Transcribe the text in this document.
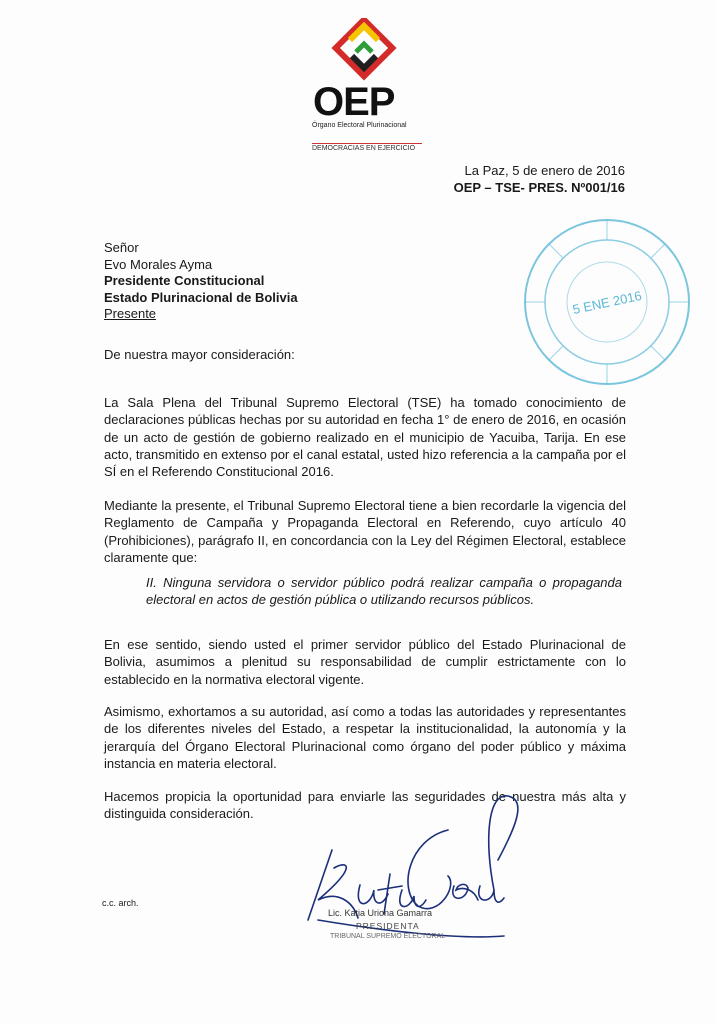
OEP
Órgano Electoral Plurinacional
DEMOCRACIAS EN EJERCICIO
La Paz, 5 de enero de 2016
OEP – TSE- PRES. Nº001/16
5 ENE 2016
Señor
Evo Morales Ayma
Presidente Constitucional
Estado Plurinacional de Bolivia
Presente
De nuestra mayor consideración:
La Sala Plena del Tribunal Supremo Electoral (TSE) ha tomado conocimiento de declaraciones públicas hechas por su autoridad en fecha 1° de enero de 2016, en ocasión de un acto de gestión de gobierno realizado en el municipio de Yacuiba, Tarija. En ese acto, transmitido en extenso por el canal estatal, usted hizo referencia a la campaña por el SÍ en el Referendo Constitucional 2016.
Mediante la presente, el Tribunal Supremo Electoral tiene a bien recordarle la vigencia del Reglamento de Campaña y Propaganda Electoral en Referendo, cuyo artículo 40 (Prohibiciones), parágrafo II, en concordancia con la Ley del Régimen Electoral, establece claramente que:
II. Ninguna servidora o servidor público podrá realizar campaña o propaganda electoral en actos de gestión pública o utilizando recursos públicos.
En ese sentido, siendo usted el primer servidor público del Estado Plurinacional de Bolivia, asumimos a plenitud su responsabilidad de cumplir estrictamente con lo establecido en la normativa electoral vigente.
Asimismo, exhortamos a su autoridad, así como a todas las autoridades y representantes de los diferentes niveles del Estado, a respetar la institucionalidad, la autonomía y la jerarquía del Órgano Electoral Plurinacional como órgano del poder público y máxima instancia en materia electoral.
Hacemos propicia la oportunidad para enviarle las seguridades de nuestra más alta y distinguida consideración.
c.c. arch.
Lic. Katia Uriona Gamarra
PRESIDENTA
TRIBUNAL SUPREMO ELECTORAL
